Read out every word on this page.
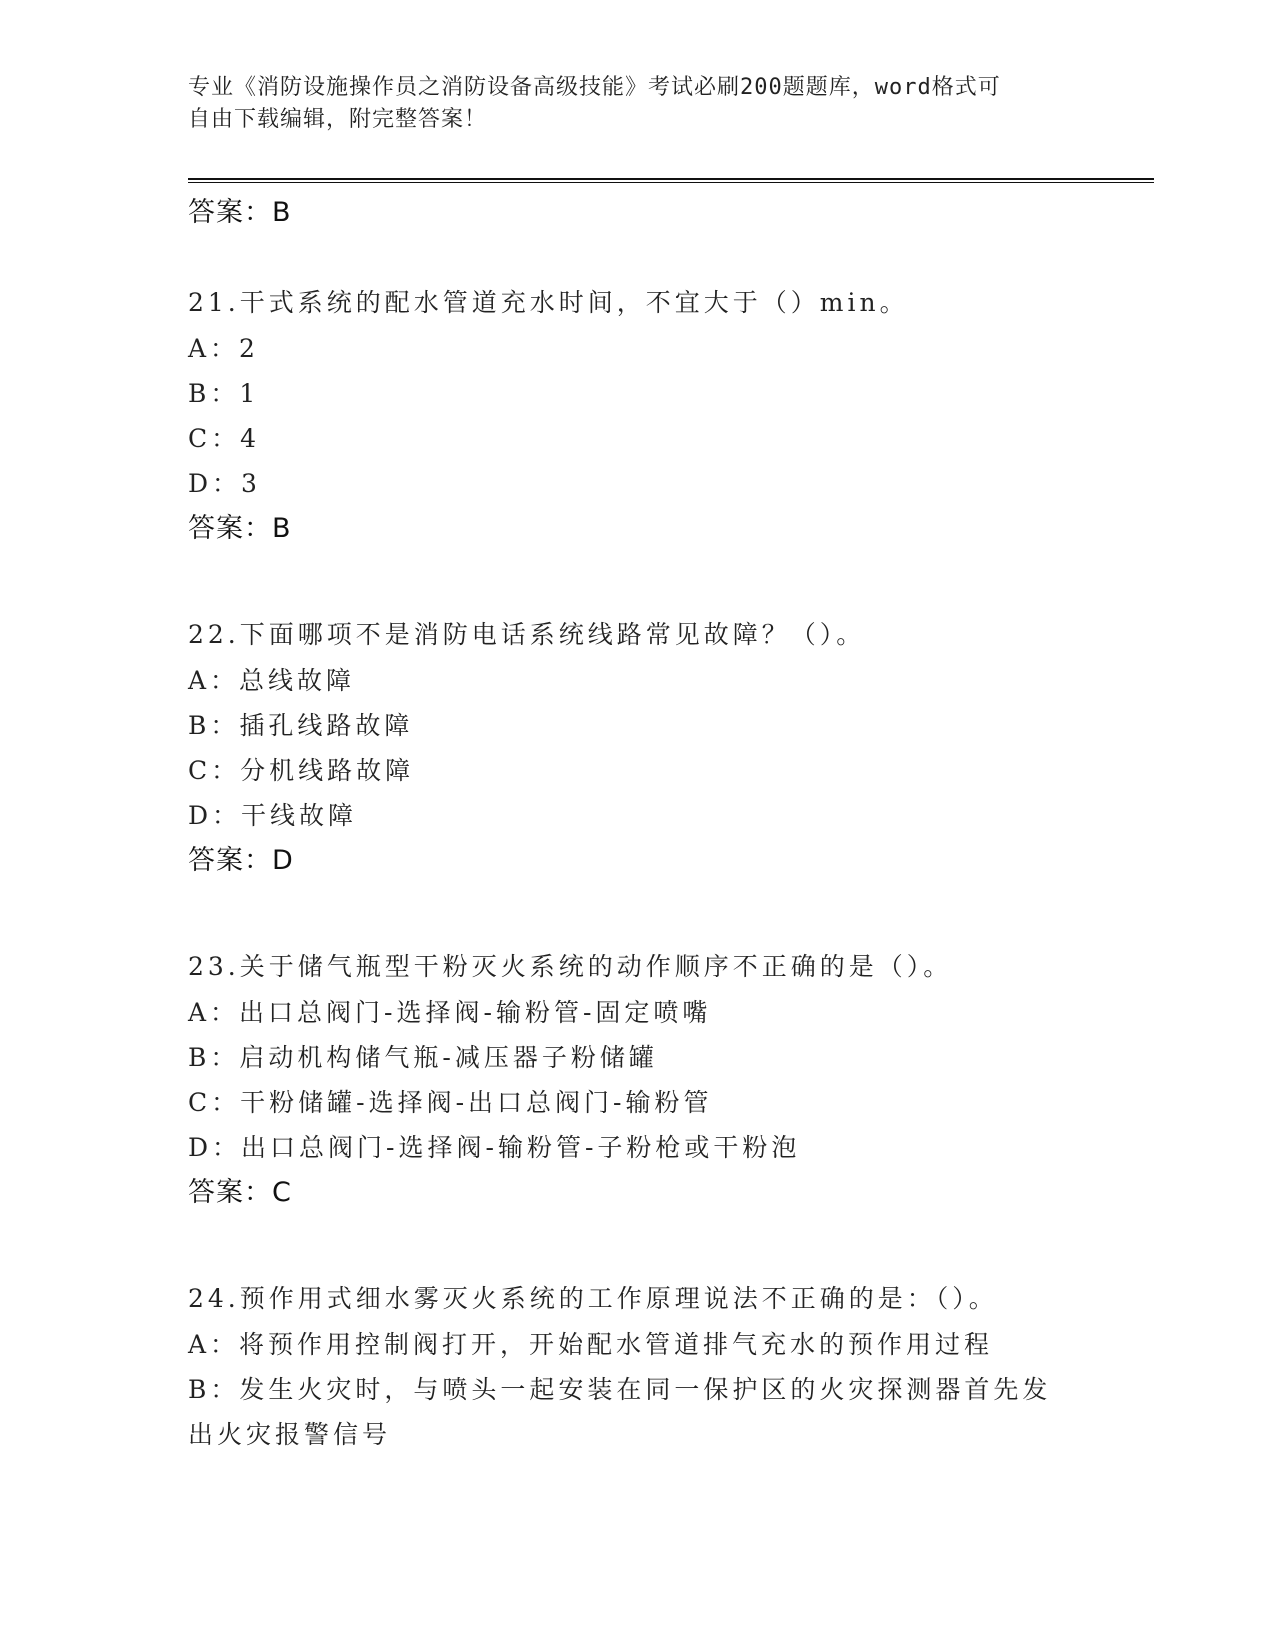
专业《消防设施操作员之消防设备高级技能》考试必刷200题题库，word格式可
自由下载编辑，附完整答案！
答案：B
21.干式系统的配水管道充水时间，不宜大于（）min。
A：2
B：1
C：4
D：3
答案：B
22.下面哪项不是消防电话系统线路常见故障？（）。
A：总线故障
B：插孔线路故障
C：分机线路故障
D：干线故障
答案：D
23.关于储气瓶型干粉灭火系统的动作顺序不正确的是（）。
A：出口总阀门-选择阀-输粉管-固定喷嘴
B：启动机构储气瓶-减压器子粉储罐
C：干粉储罐-选择阀-出口总阀门-输粉管
D：出口总阀门-选择阀-输粉管-子粉枪或干粉泡
答案：C
24.预作用式细水雾灭火系统的工作原理说法不正确的是：（）。
A：将预作用控制阀打开，开始配水管道排气充水的预作用过程
B：发生火灾时，与喷头一起安装在同一保护区的火灾探测器首先发出火灾报警信号
